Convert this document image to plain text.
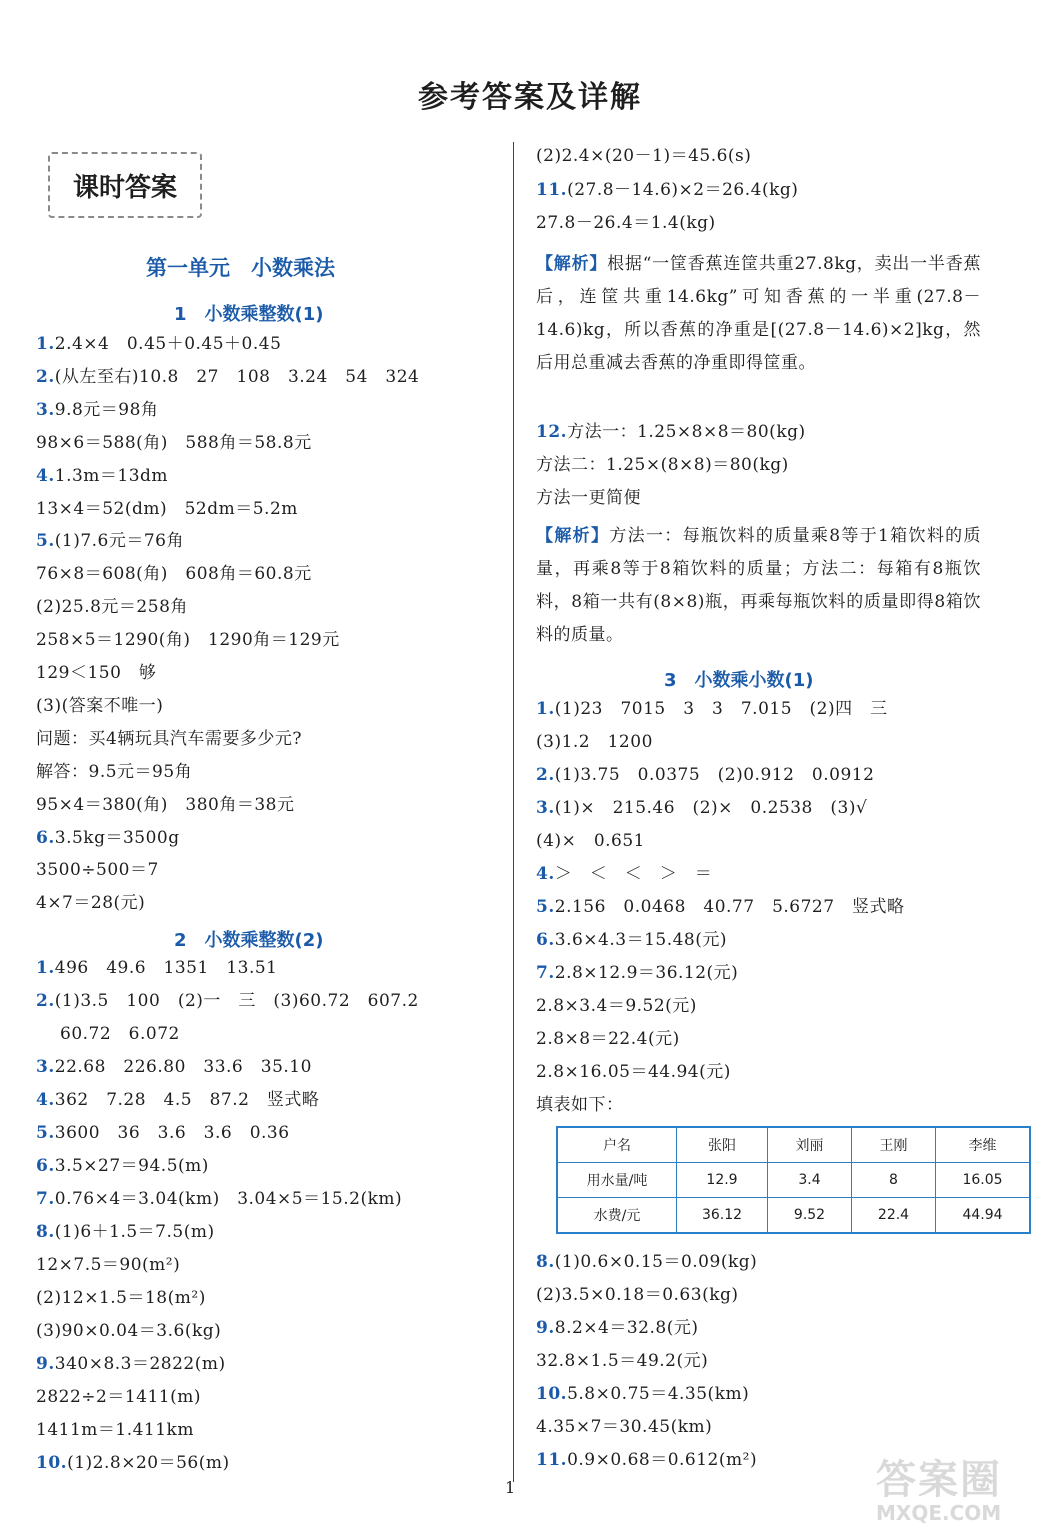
参考答案及详解
课时答案
第一单元　小数乘法
1　小数乘整数(1)
1.2.4×4　0.45＋0.45＋0.45
2.(从左至右)10.8　27　108　3.24　54　324
3.9.8元＝98角
98×6＝588(角)　588角＝58.8元
4.1.3m＝13dm
13×4＝52(dm)　52dm＝5.2m
5.(1)7.6元＝76角
76×8＝608(角)　608角＝60.8元
(2)25.8元＝258角
258×5＝1290(角)　1290角＝129元
129＜150　够
(3)(答案不唯一)
问题：买4辆玩具汽车需要多少元?
解答：9.5元＝95角
95×4＝380(角)　380角＝38元
6.3.5kg＝3500g
3500÷500＝7
4×7＝28(元)
2　小数乘整数(2)
1.496　49.6　1351　13.51
2.(1)3.5　100　(2)一　三　(3)60.72　607.2
60.72　6.072
3.22.68　226.80　33.6　35.10
4.362　7.28　4.5　87.2　竖式略
5.3600　36　3.6　3.6　0.36
6.3.5×27＝94.5(m)
7.0.76×4＝3.04(km)　3.04×5＝15.2(km)
8.(1)6＋1.5＝7.5(m)
12×7.5＝90(m²)
(2)12×1.5＝18(m²)
(3)90×0.04＝3.6(kg)
9.340×8.3＝2822(m)
2822÷2＝1411(m)
1411m＝1.411km
10.(1)2.8×20＝56(m)
(2)2.4×(20－1)＝45.6(s)
11.(27.8－14.6)×2＝26.4(kg)
27.8－26.4＝1.4(kg)
【解析】根据“一筐香蕉连筐共重27.8kg，卖出一半香蕉后，连筐共重14.6kg”可知香蕉的一半重(27.8－14.6)kg，所以香蕉的净重是[(27.8－14.6)×2]kg，然后用总重减去香蕉的净重即得筐重。
12.方法一：1.25×8×8＝80(kg)
方法二：1.25×(8×8)＝80(kg)
方法一更简便
【解析】方法一：每瓶饮料的质量乘8等于1箱饮料的质量，再乘8等于8箱饮料的质量；方法二：每箱有8瓶饮料，8箱一共有(8×8)瓶，再乘每瓶饮料的质量即得8箱饮料的质量。
3　小数乘小数(1)
1.(1)23　7015　3　3　7.015　(2)四　三
(3)1.2　1200
2.(1)3.75　0.0375　(2)0.912　0.0912
3.(1)×　215.46　(2)×　0.2538　(3)√
(4)×　0.651
4.＞　＜　＜　＞　＝
5.2.156　0.0468　40.77　5.6727　竖式略
6.3.6×4.3＝15.48(元)
7.2.8×12.9＝36.12(元)
2.8×3.4＝9.52(元)
2.8×8＝22.4(元)
2.8×16.05＝44.94(元)
填表如下：
8.(1)0.6×0.15＝0.09(kg)
(2)3.5×0.18＝0.63(kg)
9.8.2×4＝32.8(元)
32.8×1.5＝49.2(元)
10.5.8×0.75＝4.35(km)
4.35×7＝30.45(km)
11.0.9×0.68＝0.612(m²)
户名	张阳	刘丽	王刚	李维
用水量/吨	12.9	3.4	8	16.05
水费/元	36.12	9.52	22.4	44.94
1	答案圈
MXQE.COM
